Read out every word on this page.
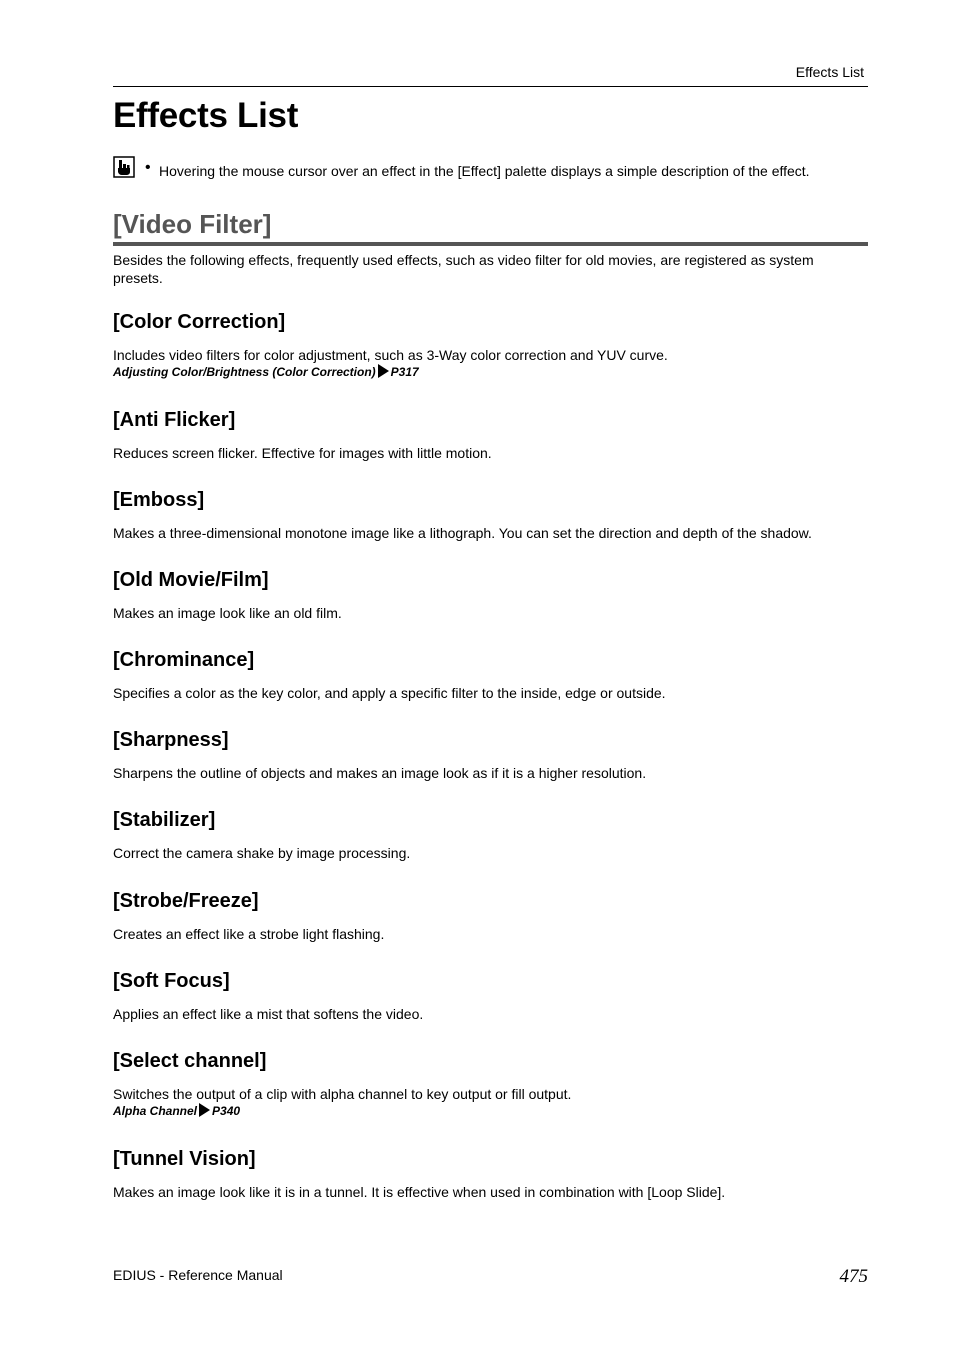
Effects List
Effects List
• Hovering the mouse cursor over an effect in the [Effect] palette displays a simple description of the effect.
[Video Filter]

Besides the following effects, frequently used effects, such as video filter for old movies, are registered as system presets.

[Color Correction]

Includes video filters for color adjustment, such as 3-Way color correction and YUV curve.

Adjusting Color/Brightness (Color Correction) P317

[Anti Flicker]

Reduces screen flicker. Effective for images with little motion.

[Emboss]

Makes a three-dimensional monotone image like a lithograph. You can set the direction and depth of the shadow.

[Old Movie/Film]

Makes an image look like an old film.

[Chrominance]

Specifies a color as the key color, and apply a specific filter to the inside, edge or outside.

[Sharpness]

Sharpens the outline of objects and makes an image look as if it is a higher resolution.

[Stabilizer]

Correct the camera shake by image processing.

[Strobe/Freeze]

Creates an effect like a strobe light flashing.

[Soft Focus]

Applies an effect like a mist that softens the video.

[Select channel]

Switches the output of a clip with alpha channel to key output or fill output.

Alpha Channel P340

[Tunnel Vision]

Makes an image look like it is in a tunnel. It is effective when used in combination with [Loop Slide].

EDIUS - Reference Manual	475
